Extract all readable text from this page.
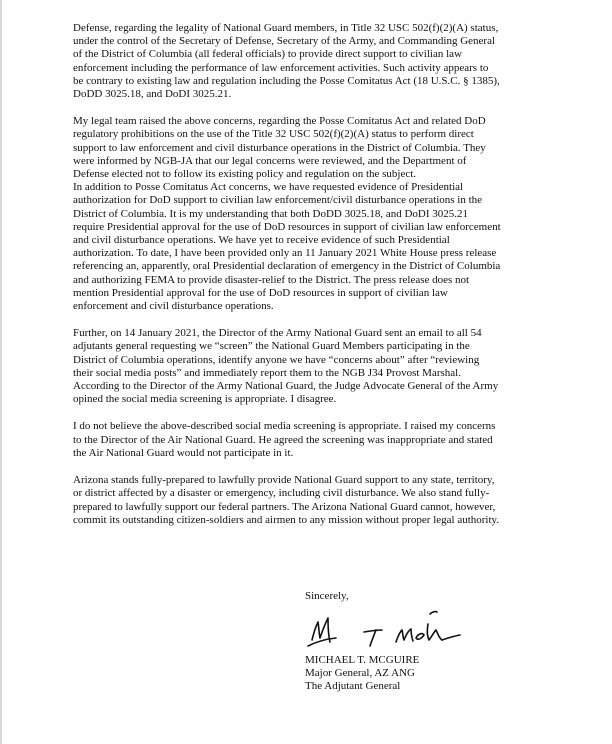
Defense, regarding the legality of National Guard members, in Title 32 USC 502(f)(2)(A) status,
under the control of the Secretary of Defense, Secretary of the Army, and Commanding General
of the District of Columbia (all federal officials) to provide direct support to civilian law
enforcement including the performance of law enforcement activities. Such activity appears to
be contrary to existing law and regulation including the Posse Comitatus Act (18 U.S.C. § 1385),
DoDD 3025.18, and DoDI 3025.21.

My legal team raised the above concerns, regarding the Posse Comitatus Act and related DoD
regulatory prohibitions on the use of the Title 32 USC 502(f)(2)(A) status to perform direct
support to law enforcement and civil disturbance operations in the District of Columbia. They
were informed by NGB-JA that our legal concerns were reviewed, and the Department of
Defense elected not to follow its existing policy and regulation on the subject.

In addition to Posse Comitatus Act concerns, we have requested evidence of Presidential
authorization for DoD support to civilian law enforcement/civil disturbance operations in the
District of Columbia. It is my understanding that both DoDD 3025.18, and DoDI 3025.21
require Presidential approval for the use of DoD resources in support of civilian law enforcement
and civil disturbance operations. We have yet to receive evidence of such Presidential
authorization. To date, I have been provided only an 11 January 2021 White House press release
referencing an, apparently, oral Presidential declaration of emergency in the District of Columbia
and authorizing FEMA to provide disaster-relief to the District. The press release does not
mention Presidential approval for the use of DoD resources in support of civilian law
enforcement and civil disturbance operations.

Further, on 14 January 2021, the Director of the Army National Guard sent an email to all 54
adjutants general requesting we “screen” the National Guard Members participating in the
District of Columbia operations, identify anyone we have “concerns about” after “reviewing
their social media posts” and immediately report them to the NGB J34 Provost Marshal.
According to the Director of the Army National Guard, the Judge Advocate General of the Army
opined the social media screening is appropriate. I disagree.

I do not believe the above-described social media screening is appropriate. I raised my concerns
to the Director of the Air National Guard. He agreed the screening was inappropriate and stated
the Air National Guard would not participate in it.

Arizona stands fully-prepared to lawfully provide National Guard support to any state, territory,
or district affected by a disaster or emergency, including civil disturbance. We also stand fully-
prepared to lawfully support our federal partners. The Arizona National Guard cannot, however,
commit its outstanding citizen-soldiers and airmen to any mission without proper legal authority.

Sincerely,
MICHAEL T. MCGUIRE
Major General, AZ ANG
The Adjutant General
